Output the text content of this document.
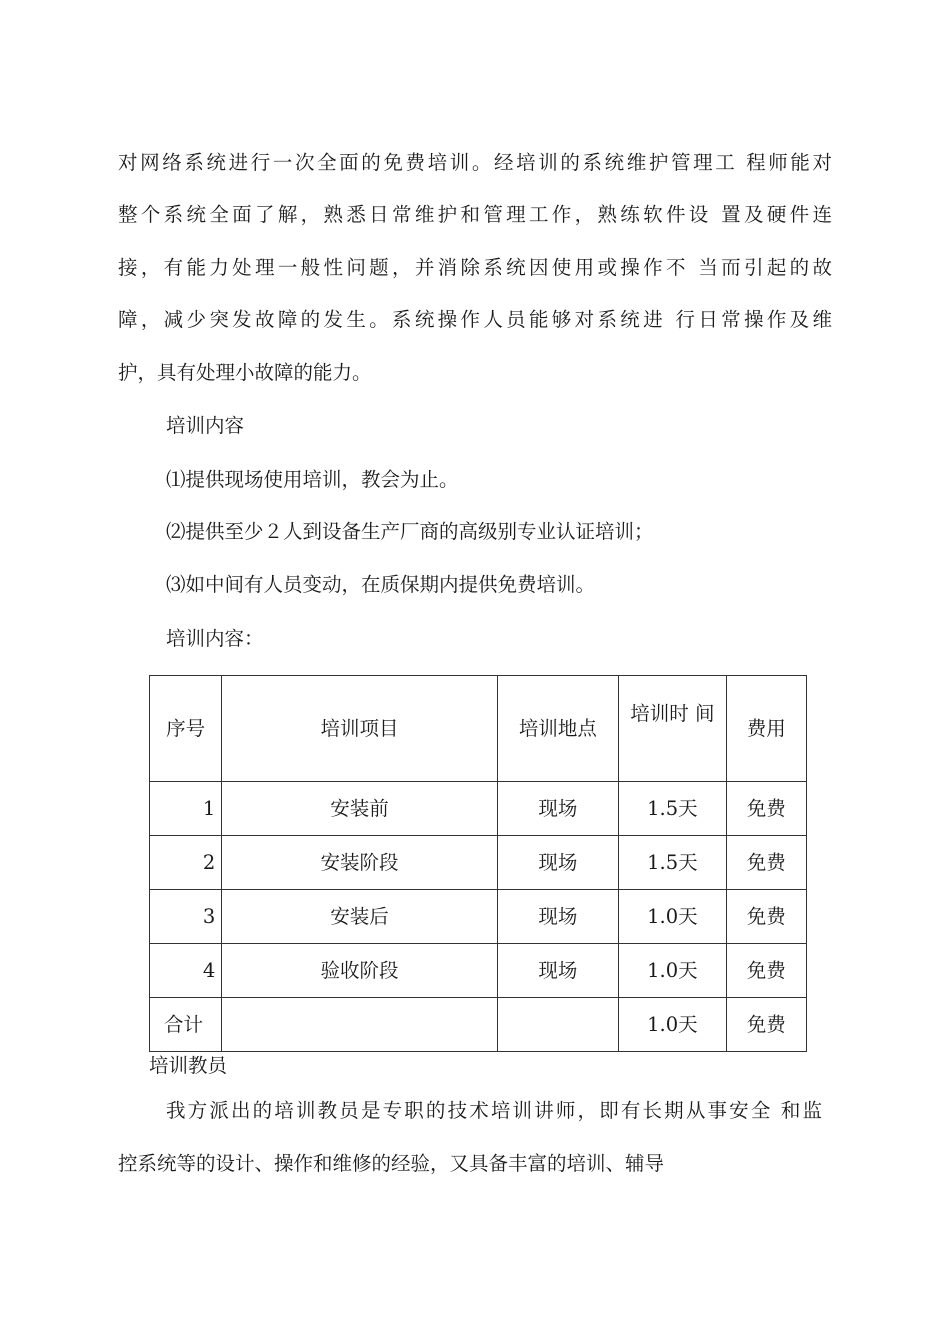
对网络系统进行一次全面的免费培训。经培训的系统维护管理工 程师能对
整个系统全面了解，熟悉日常维护和管理工作，熟练软件设 置及硬件连
接，有能力处理一般性问题，并消除系统因使用或操作不 当而引起的故
障，减少突发故障的发生。系统操作人员能够对系统进 行日常操作及维
护，具有处理小故障的能力。
培训内容
⑴提供现场使用培训，教会为止。
⑵提供至少２人到设备生产厂商的高级别专业认证培训；
⑶如中间有人员变动，在质保期内提供免费培训。
培训内容：
序号	培训项目	培训地点	培训时 间	费用
1	安装前	现场	1.5天	免费
2	安装阶段	现场	1.5天	免费
3	安装后	现场	1.0天	免费
4	验收阶段	现场	1.0天	免费
合计			1.0天	免费
培训教员
我方派出的培训教员是专职的技术培训讲师，即有长期从事安全 和监
控系统等的设计、操作和维修的经验，又具备丰富的培训、辅导
